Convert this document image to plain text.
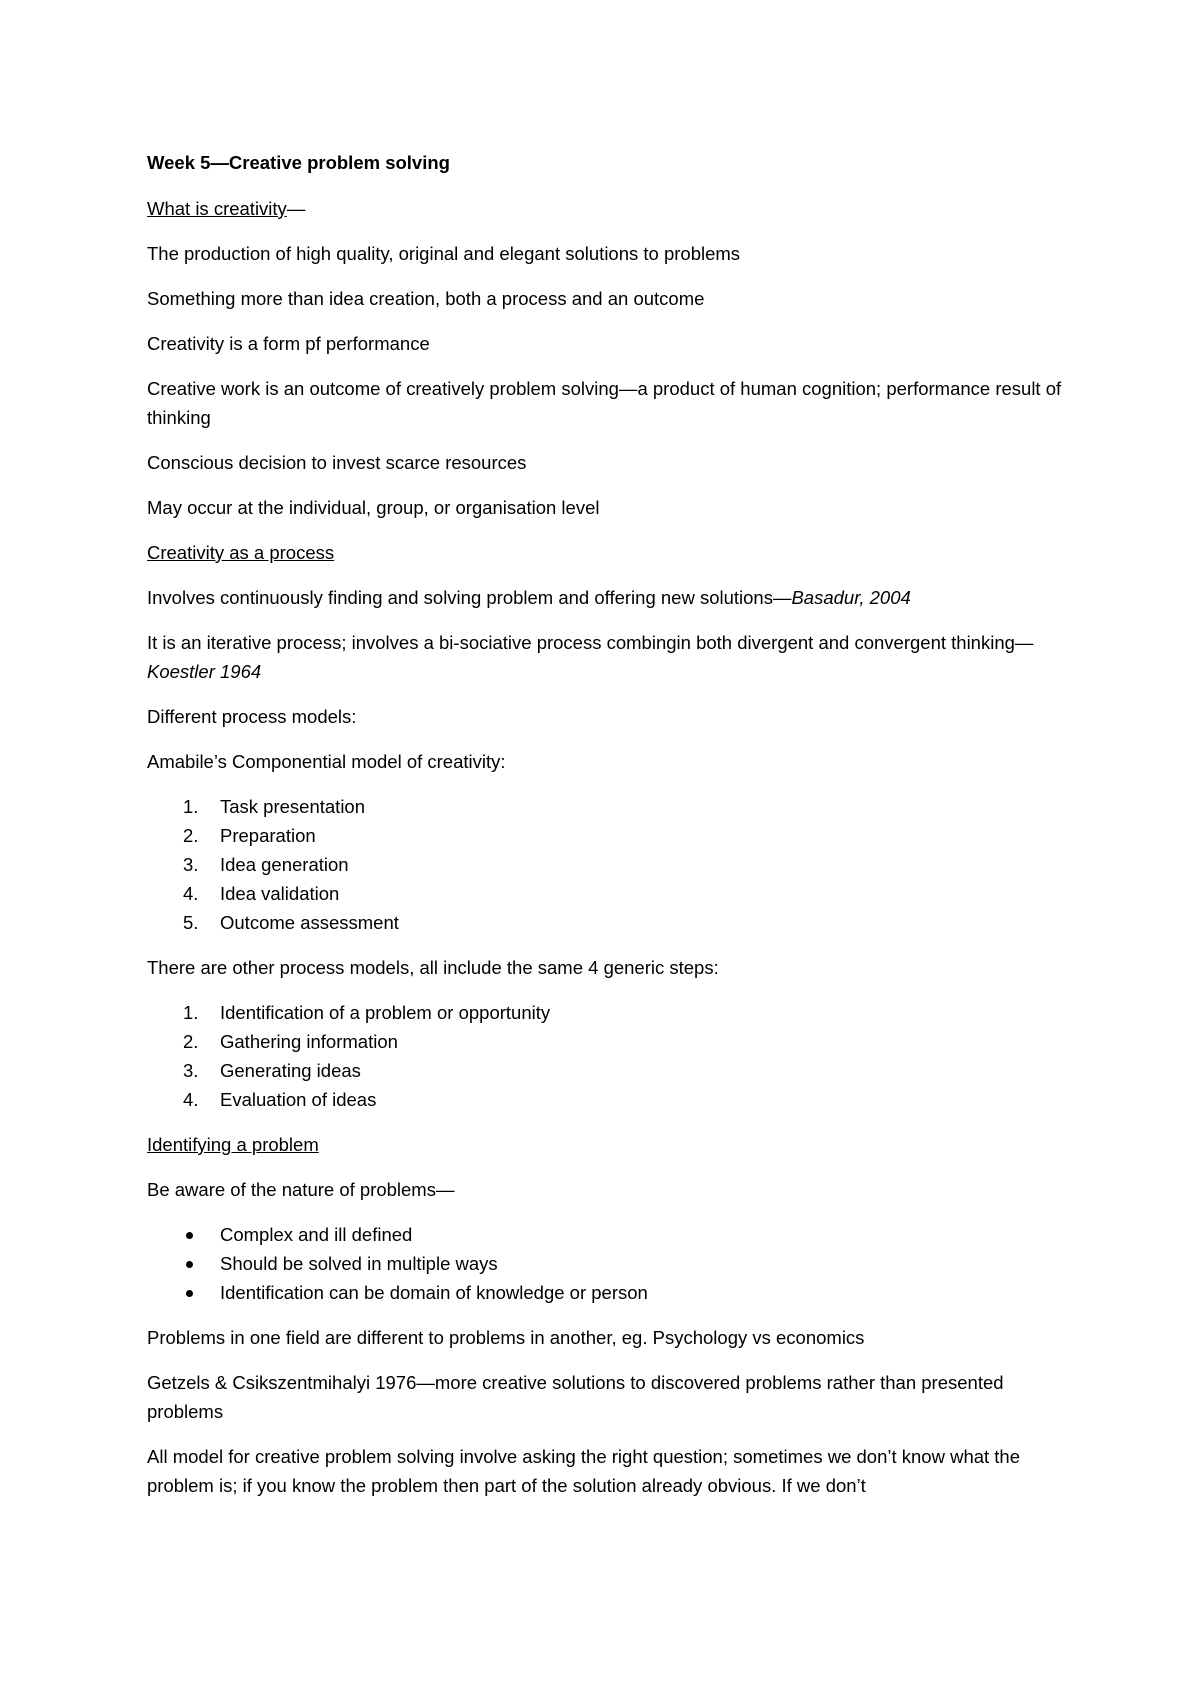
Week 5—Creative problem solving

What is creativity—

The production of high quality, original and elegant solutions to problems

Something more than idea creation, both a process and an outcome

Creativity is a form pf performance

Creative work is an outcome of creatively problem solving—a product of human cognition; performance result of thinking

Conscious decision to invest scarce resources

May occur at the individual, group, or organisation level

Creativity as a process

Involves continuously finding and solving problem and offering new solutions—Basadur, 2004

It is an iterative process; involves a bi-sociative process combingin both divergent and convergent thinking—Koestler 1964

Different process models:

Amabile’s Componential model of creativity:

1.	Task presentation
2.	Preparation
3.	Idea generation
4.	Idea validation
5.	Outcome assessment

There are other process models, all include the same 4 generic steps:

1.	Identification of a problem or opportunity
2.	Gathering information
3.	Generating ideas
4.	Evaluation of ideas

Identifying a problem

Be aware of the nature of problems—

Complex and ill defined
Should be solved in multiple ways
Identification can be domain of knowledge or person

Problems in one field are different to problems in another, eg. Psychology vs economics

Getzels & Csikszentmihalyi 1976—more creative solutions to discovered problems rather than presented problems

All model for creative problem solving involve asking the right question; sometimes we don’t know what the problem is; if you know the problem then part of the solution already obvious. If we don’t
